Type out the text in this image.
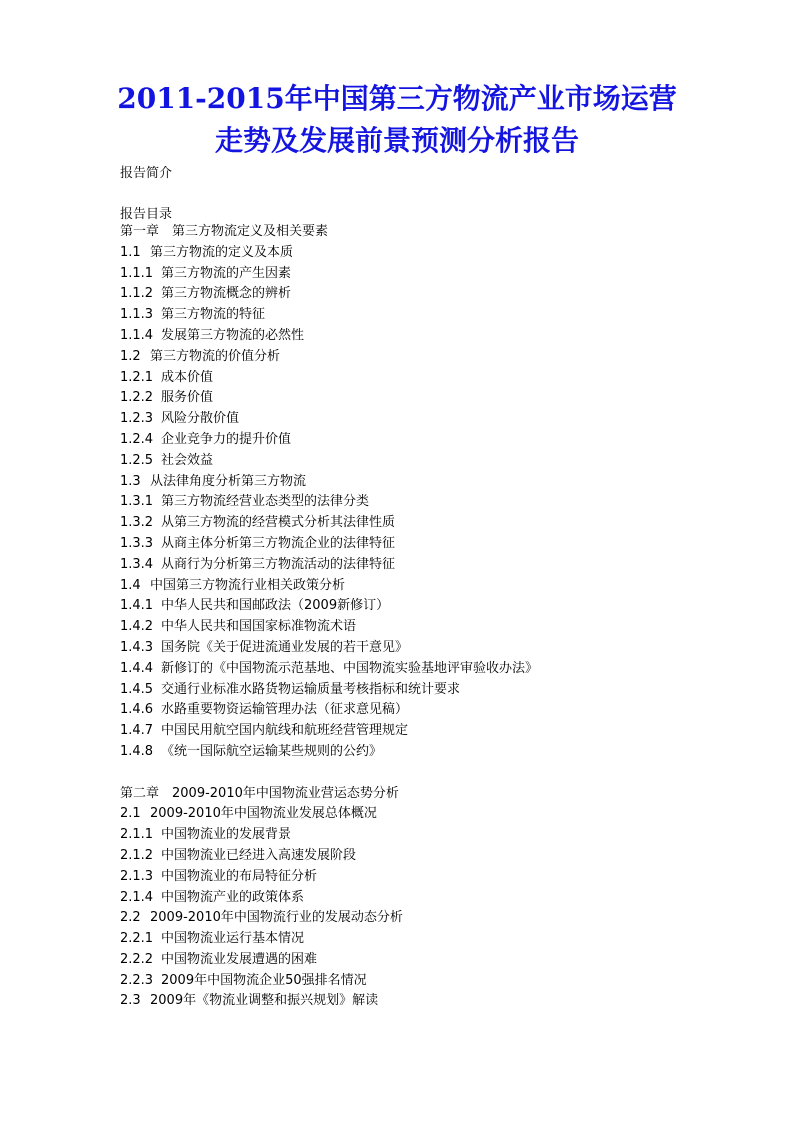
2011-2015年中国第三方物流产业市场运营
走势及发展前景预测分析报告
报告简介
报告目录
第一章 第三方物流定义及相关要素
1.1 第三方物流的定义及本质
1.1.1 第三方物流的产生因素
1.1.2 第三方物流概念的辨析
1.1.3 第三方物流的特征
1.1.4 发展第三方物流的必然性
1.2 第三方物流的价值分析
1.2.1 成本价值
1.2.2 服务价值
1.2.3 风险分散价值
1.2.4 企业竞争力的提升价值
1.2.5 社会效益
1.3 从法律角度分析第三方物流
1.3.1 第三方物流经营业态类型的法律分类
1.3.2 从第三方物流的经营模式分析其法律性质
1.3.3 从商主体分析第三方物流企业的法律特征
1.3.4 从商行为分析第三方物流活动的法律特征
1.4 中国第三方物流行业相关政策分析
1.4.1 中华人民共和国邮政法（2009新修订）
1.4.2 中华人民共和国国家标准物流术语
1.4.3 国务院《关于促进流通业发展的若干意见》
1.4.4 新修订的《中国物流示范基地、中国物流实验基地评审验收办法》
1.4.5 交通行业标准水路货物运输质量考核指标和统计要求
1.4.6 水路重要物资运输管理办法（征求意见稿）
1.4.7 中国民用航空国内航线和航班经营管理规定
1.4.8 《统一国际航空运输某些规则的公约》
第二章 2009-2010年中国物流业营运态势分析
2.1 2009-2010年中国物流业发展总体概况
2.1.1 中国物流业的发展背景
2.1.2 中国物流业已经进入高速发展阶段
2.1.3 中国物流业的布局特征分析
2.1.4 中国物流产业的政策体系
2.2 2009-2010年中国物流行业的发展动态分析
2.2.1 中国物流业运行基本情况
2.2.2 中国物流业发展遭遇的困难
2.2.3 2009年中国物流企业50强排名情况
2.3 2009年《物流业调整和振兴规划》解读
